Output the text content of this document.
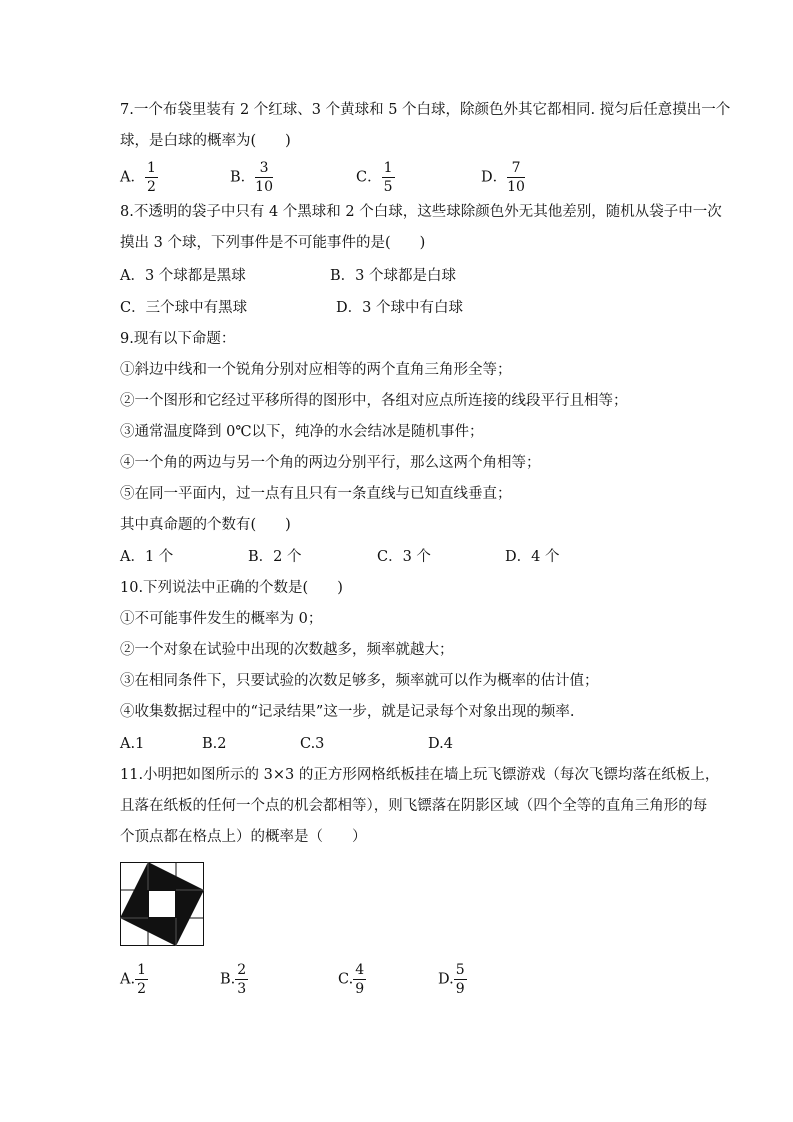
7.一个布袋里装有 2 个红球、3 个黄球和 5 个白球，除颜色外其它都相同. 搅匀后任意摸出一个
球，是白球的概率为(　　)
A． $\frac{1}{2}$	B． $\frac{3}{10}$	C． $\frac{1}{5}$	D． $\frac{7}{10}$
8.不透明的袋子中只有 4 个黑球和 2 个白球，这些球除颜色外无其他差别，随机从袋子中一次
摸出 3 个球，下列事件是不可能事件的是(　　)
A．3 个球都是黑球	B．3 个球都是白球
C．三个球中有黑球	D．3 个球中有白球
9.现有以下命题：
①斜边中线和一个锐角分别对应相等的两个直角三角形全等；
②一个图形和它经过平移所得的图形中，各组对应点所连接的线段平行且相等；
③通常温度降到 0℃以下，纯净的水会结冰是随机事件；
④一个角的两边与另一个角的两边分别平行，那么这两个角相等；
⑤在同一平面内，过一点有且只有一条直线与已知直线垂直；
其中真命题的个数有(　　)
A．1 个	B．2 个	C．3 个	D．4 个
10.下列说法中正确的个数是(　　)
①不可能事件发生的概率为 0；
②一个对象在试验中出现的次数越多，频率就越大；
③在相同条件下，只要试验的次数足够多，频率就可以作为概率的估计值；
④收集数据过程中的“记录结果”这一步，就是记录每个对象出现的频率.
A.1	B.2	C.3	D.4
11.小明把如图所示的 3×3 的正方形网格纸板挂在墙上玩飞镖游戏（每次飞镖均落在纸板上，
且落在纸板的任何一个点的机会都相等），则飞镖落在阴影区域（四个全等的直角三角形的每
个顶点都在格点上）的概率是（　　）
A. $\frac{1}{2}$	B. $\frac{2}{3}$	C. $\frac{4}{9}$	D. $\frac{5}{9}$
